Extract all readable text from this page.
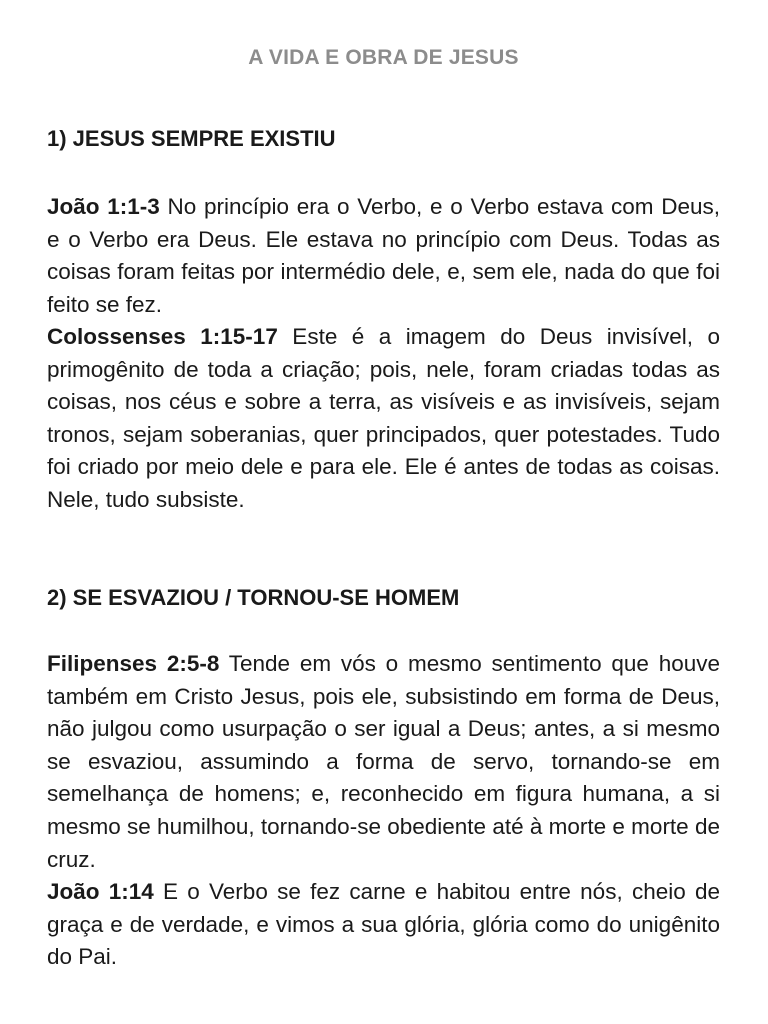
A VIDA E OBRA DE JESUS
1) JESUS SEMPRE EXISTIU

João 1:1-3 No princípio era o Verbo, e o Verbo estava com Deus, e o Verbo era Deus. Ele estava no princípio com Deus. Todas as coisas foram feitas por intermédio dele, e, sem ele, nada do que foi feito se fez.

Colossenses 1:15-17 Este é a imagem do Deus invisível, o primogênito de toda a criação; pois, nele, foram criadas todas as coisas, nos céus e sobre a terra, as visíveis e as invisíveis, sejam tronos, sejam soberanias, quer principados, quer potestades. Tudo foi criado por meio dele e para ele. Ele é antes de todas as coisas. Nele, tudo subsiste.

2) SE ESVAZIOU / TORNOU-SE HOMEM

Filipenses 2:5-8 Tende em vós o mesmo sentimento que houve também em Cristo Jesus, pois ele, subsistindo em forma de Deus, não julgou como usurpação o ser igual a Deus; antes, a si mesmo se esvaziou, assumindo a forma de servo, tornando-se em semelhança de homens; e, reconhecido em figura humana, a si mesmo se humilhou, tornando-se obediente até à morte e morte de cruz.

João 1:14 E o Verbo se fez carne e habitou entre nós, cheio de graça e de verdade, e vimos a sua glória, glória como do unigênito do Pai.
